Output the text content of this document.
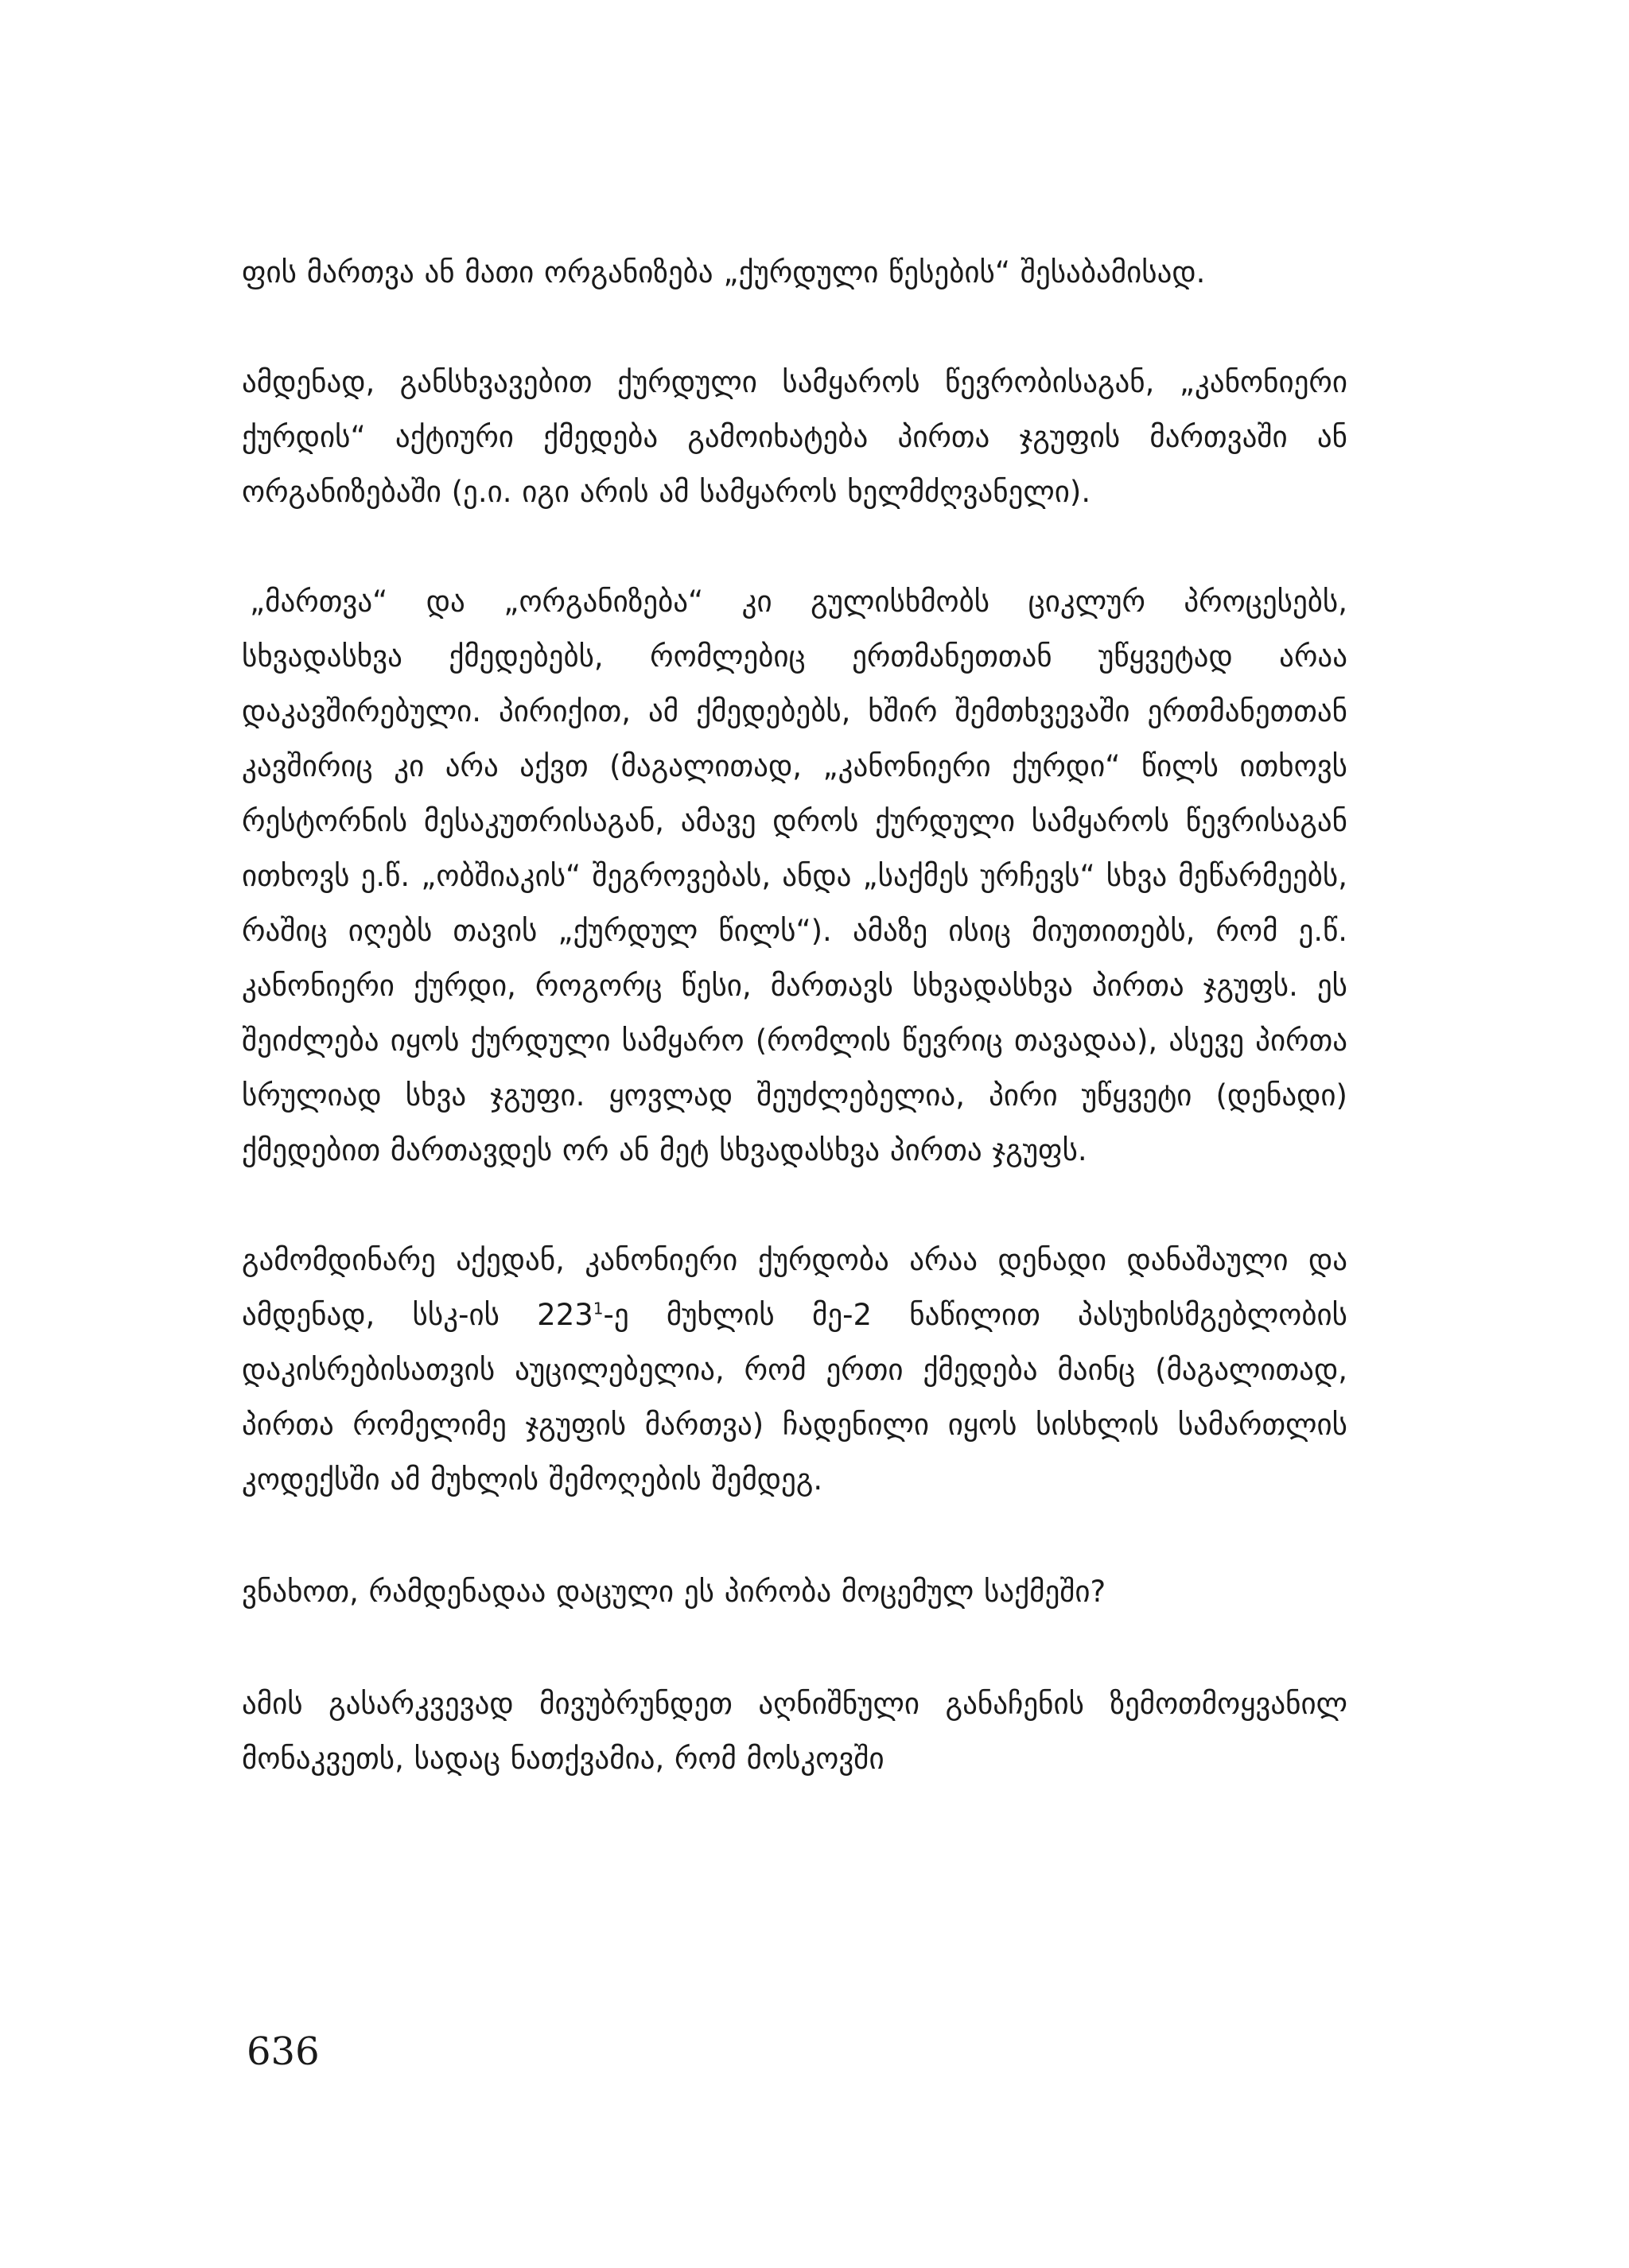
ფის მართვა ან მათი ორგანიზება „ქურდული წესების“ შესაბამისად.

ამდენად, განსხვავებით ქურდული სამყაროს წევრობისაგან, „კანონიერი ქურდის“ აქტიური ქმედება გამოიხატება პირთა ჯგუფის მართვაში ან ორგანიზებაში (ე.ი. იგი არის ამ სამყაროს ხელმძღვანელი).

„მართვა“ და „ორგანიზება“ კი გულისხმობს ციკლურ პროცესებს, სხვადასხვა ქმედებებს, რომლებიც ერთმანეთთან უწყვეტად არაა დაკავშირებული. პირიქით, ამ ქმედებებს, ხშირ შემთხვევაში ერთმანეთთან კავშირიც კი არა აქვთ (მაგალითად, „კანონიერი ქურდი“ წილს ითხოვს რესტორნის მესაკუთრისაგან, ამავე დროს ქურდული სამყაროს წევრისაგან ითხოვს ე.წ. „ობშიაკის“ შეგროვებას, ანდა „საქმეს ურჩევს“ სხვა მეწარმეებს, რაშიც იღებს თავის „ქურდულ წილს“). ამაზე ისიც მიუთითებს, რომ ე.წ. კანონიერი ქურდი, როგორც წესი, მართავს სხვადასხვა პირთა ჯგუფს. ეს შეიძლება იყოს ქურდული სამყარო (რომლის წევრიც თავადაა), ასევე პირთა სრულიად სხვა ჯგუფი. ყოვლად შეუძლებელია, პირი უწყვეტი (დენადი) ქმედებით მართავდეს ორ ან მეტ სხვადასხვა პირთა ჯგუფს.

გამომდინარე აქედან, კანონიერი ქურდობა არაა დენადი დანაშაული და ამდენად, სსკ-ის 223$^1$-ე მუხლის მე-2 ნაწილით პასუხისმგებლობის დაკისრებისათვის აუცილებელია, რომ ერთი ქმედება მაინც (მაგალითად, პირთა რომელიმე ჯგუფის მართვა) ჩადენილი იყოს სისხლის სამართლის კოდექსში ამ მუხლის შემოღების შემდეგ.

ვნახოთ, რამდენადაა დაცული ეს პირობა მოცემულ საქმეში?

ამის გასარკვევად მივუბრუნდეთ აღნიშნული განაჩენის ზემოთმოყვანილ მონაკვეთს, სადაც ნათქვამია, რომ მოსკოვში

636
